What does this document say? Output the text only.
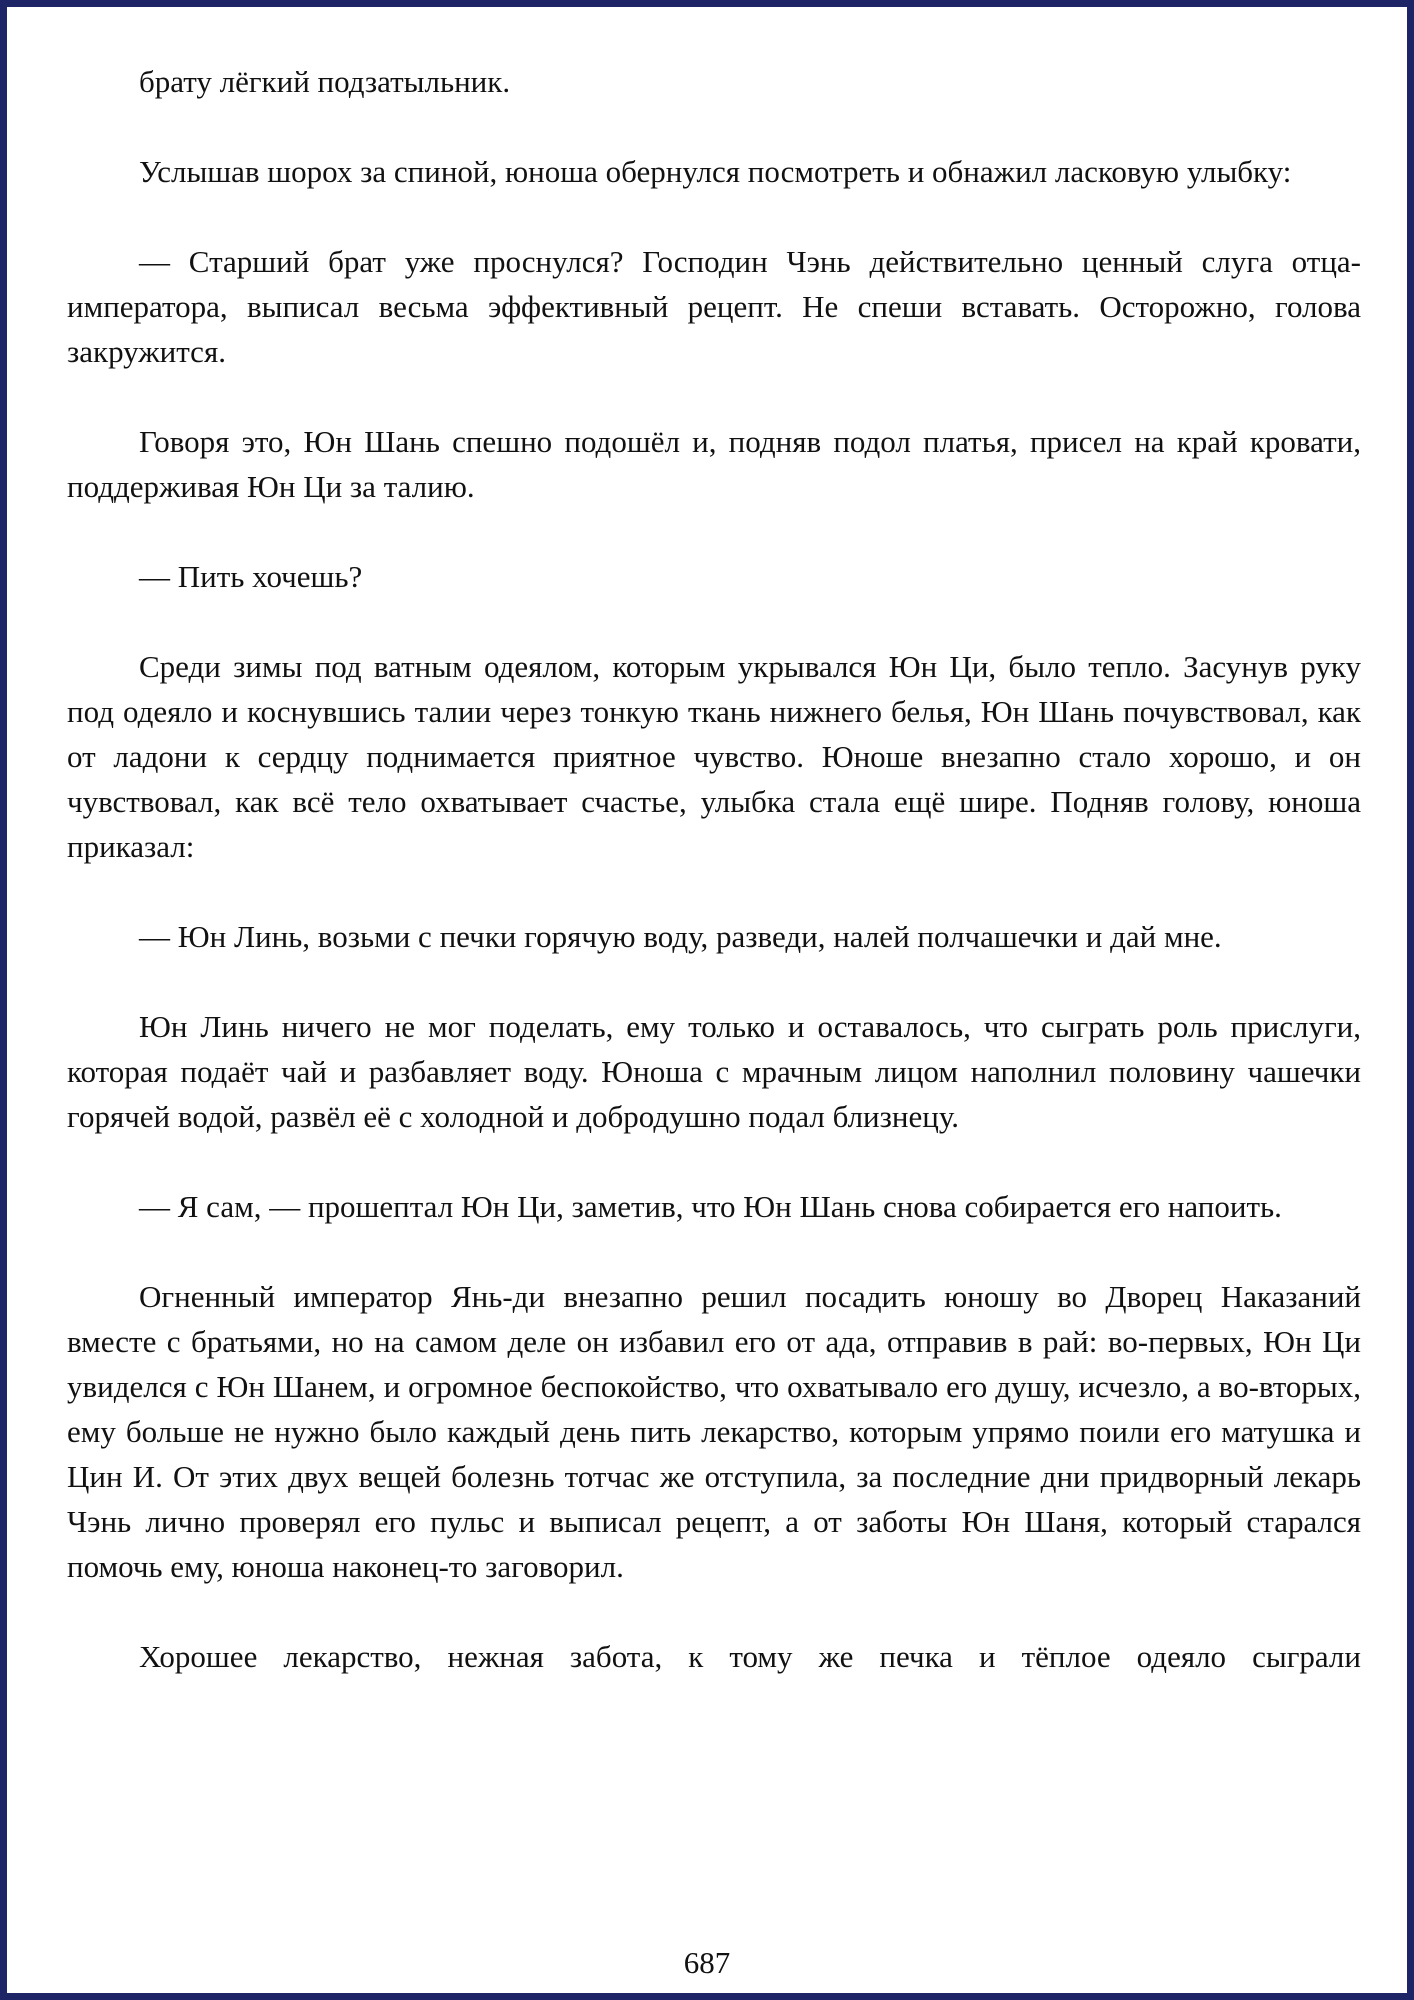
брату лёгкий подзатыльник.

Услышав шорох за спиной, юноша обернулся посмотреть и обнажил ласковую улыбку:

— Старший брат уже проснулся? Господин Чэнь действительно ценный слуга отца-императора, выписал весьма эффективный рецепт. Не спеши вставать. Осторожно, голова закружится.

Говоря это, Юн Шань спешно подошёл и, подняв подол платья, присел на край кровати, поддерживая Юн Ци за талию.

— Пить хочешь?

Среди зимы под ватным одеялом, которым укрывался Юн Ци, было тепло. Засунув руку под одеяло и коснувшись талии через тонкую ткань нижнего белья, Юн Шань почувствовал, как от ладони к сердцу поднимается приятное чувство. Юноше внезапно стало хорошо, и он чувствовал, как всё тело охватывает счастье, улыбка стала ещё шире. Подняв голову, юноша приказал:

— Юн Линь, возьми с печки горячую воду, разведи, налей полчашечки и дай мне.

Юн Линь ничего не мог поделать, ему только и оставалось, что сыграть роль прислуги, которая подаёт чай и разбавляет воду. Юноша с мрачным лицом наполнил половину чашечки горячей водой, развёл её с холодной и добродушно подал близнецу.

— Я сам, — прошептал Юн Ци, заметив, что Юн Шань снова собирается его напоить.

Огненный император Янь-ди внезапно решил посадить юношу во Дворец Наказаний вместе с братьями, но на самом деле он избавил его от ада, отправив в рай: во-первых, Юн Ци увиделся с Юн Шанем, и огромное беспокойство, что охватывало его душу, исчезло, а во-вторых, ему больше не нужно было каждый день пить лекарство, которым упрямо поили его матушка и Цин И. От этих двух вещей болезнь тотчас же отступила, за последние дни придворный лекарь Чэнь лично проверял его пульс и выписал рецепт, а от заботы Юн Шаня, который старался помочь ему, юноша наконец-то заговорил.

Хорошее лекарство, нежная забота, к тому же печка и тёплое одеяло сыграли

687
